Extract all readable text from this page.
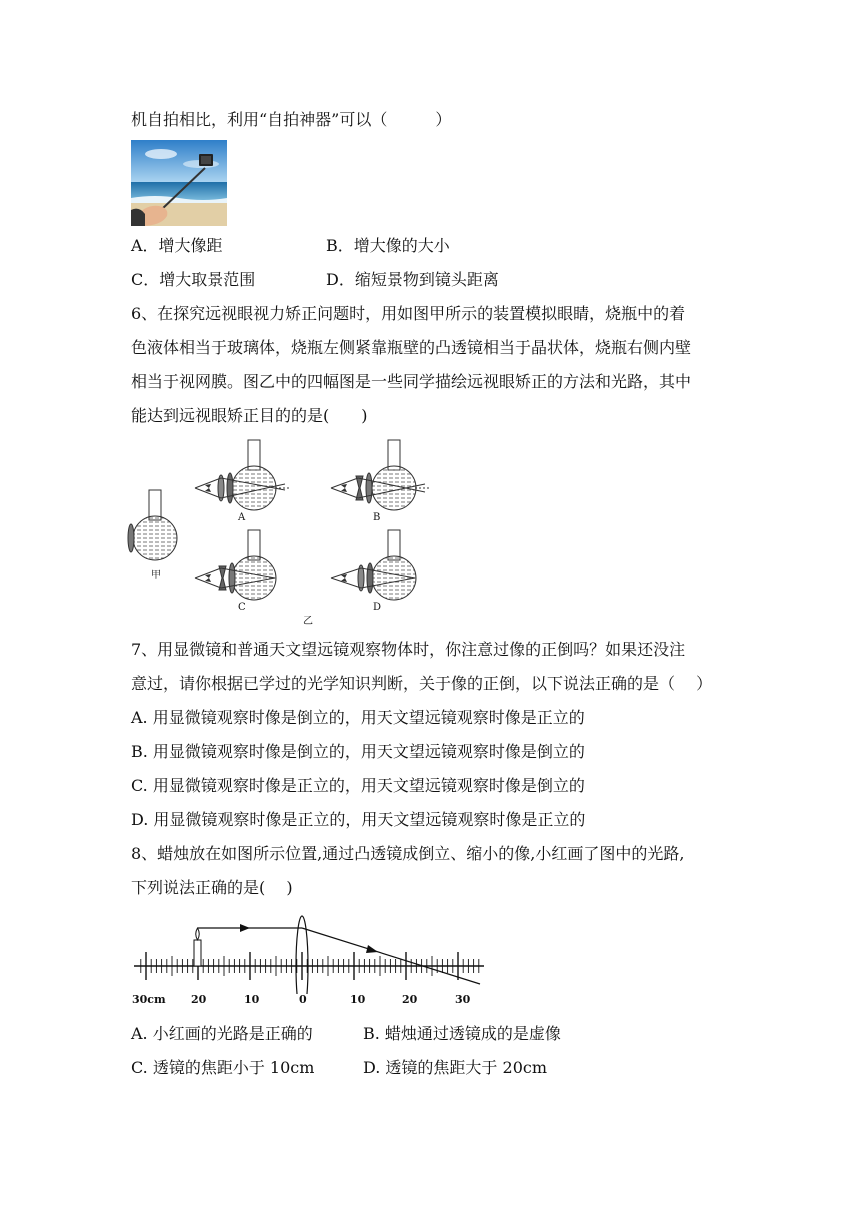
机自拍相比，利用“自拍神器”可以（　　　）
A．增大像距	B．增大像的大小
C．增大取景范围	D．缩短景物到镜头距离
6、在探究远视眼视力矫正问题时，用如图甲所示的装置模拟眼睛，烧瓶中的着
色液体相当于玻璃体，烧瓶左侧紧靠瓶壁的凸透镜相当于晶状体，烧瓶右侧内壁
相当于视网膜。图乙中的四幅图是一些同学描绘远视眼矫正的方法和光路，其中
能达到远视眼矫正目的的是(　　)
甲
A	B
C	D
乙
7、用显微镜和普通天文望远镜观察物体时，你注意过像的正倒吗？如果还没注
意过，请你根据已学过的光学知识判断，关于像的正倒，以下说法正确的是（　 ）
A. 用显微镜观察时像是倒立的，用天文望远镜观察时像是正立的
B. 用显微镜观察时像是倒立的，用天文望远镜观察时像是倒立的
C. 用显微镜观察时像是正立的，用天文望远镜观察时像是倒立的
D. 用显微镜观察时像是正立的，用天文望远镜观察时像是正立的
8、蜡烛放在如图所示位置,通过凸透镜成倒立、缩小的像,小红画了图中的光路,
下列说法正确的是(　 )
30cm 20	10	0	10	20	30
A. 小红画的光路是正确的	B. 蜡烛通过透镜成的是虚像
C. 透镜的焦距小于 10cm	D. 透镜的焦距大于 20cm
